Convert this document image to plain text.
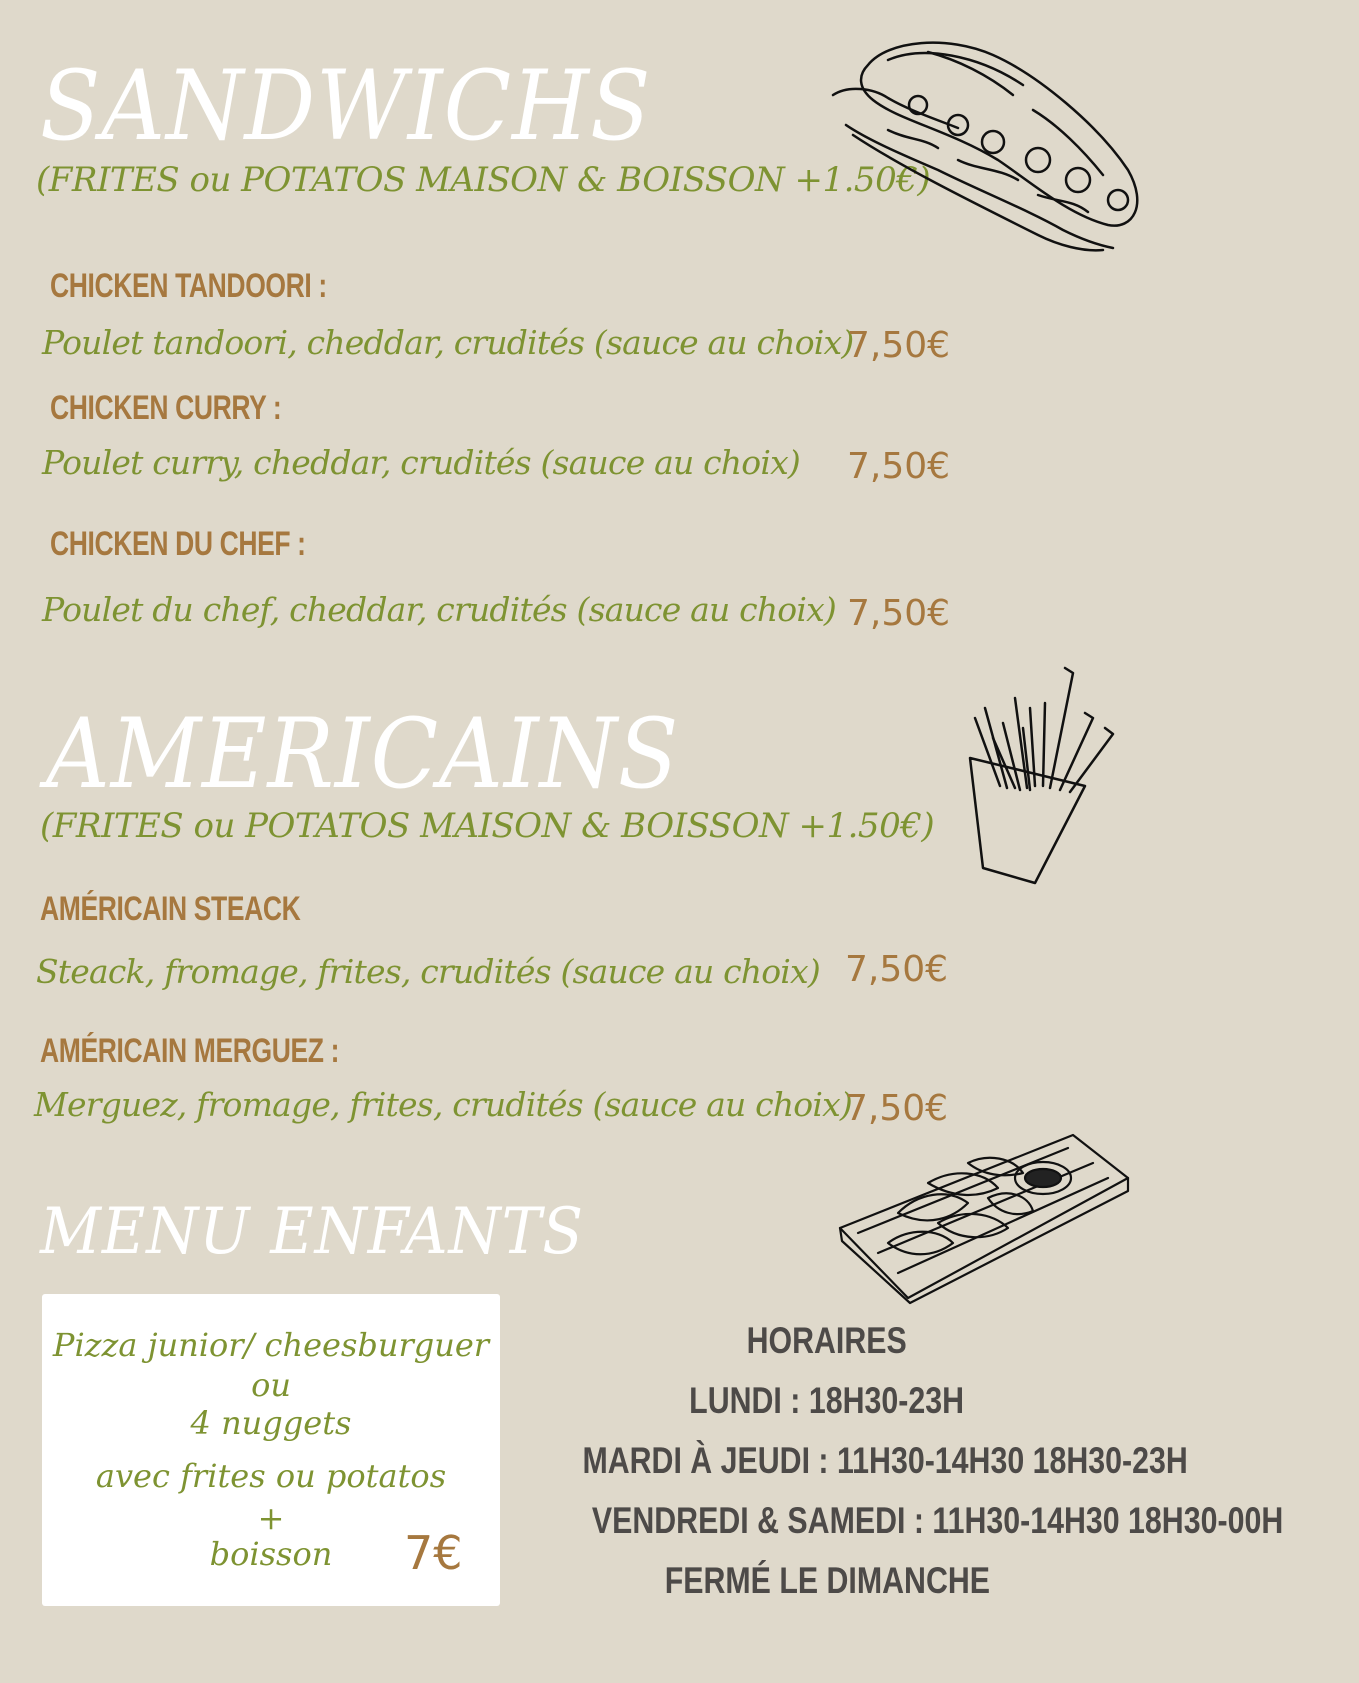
SANDWICHS
(FRITES ou POTATOS MAISON & BOISSON +1.50€)
CHICKEN TANDOORI :
Poulet tandoori, cheddar, crudités (sauce au choix)
7,50€
CHICKEN CURRY :
Poulet curry, cheddar, crudités (sauce au choix) 7,50€
CHICKEN DU CHEF :
Poulet du chef, cheddar, crudités (sauce au choix) 7,50€
AMERICAINS
(FRITES ou POTATOS MAISON & BOISSON +1.50€)
AMÉRICAIN STEACK
Steack, fromage, frites, crudités (sauce au choix) 7,50€
AMÉRICAIN MERGUEZ :
Merguez, fromage, frites, crudités (sauce au choix)
7,50€
MENU ENFANTS
Pizza junior/ cheesburguer
ou
4 nuggets
avec frites ou potatos
+
boisson	7€
HORAIRES
LUNDI : 18H30-23H
MARDI À JEUDI : 11H30-14H30 18H30-23H
VENDREDI & SAMEDI : 11H30-14H30 18H30-00H
FERMÉ LE DIMANCHE
